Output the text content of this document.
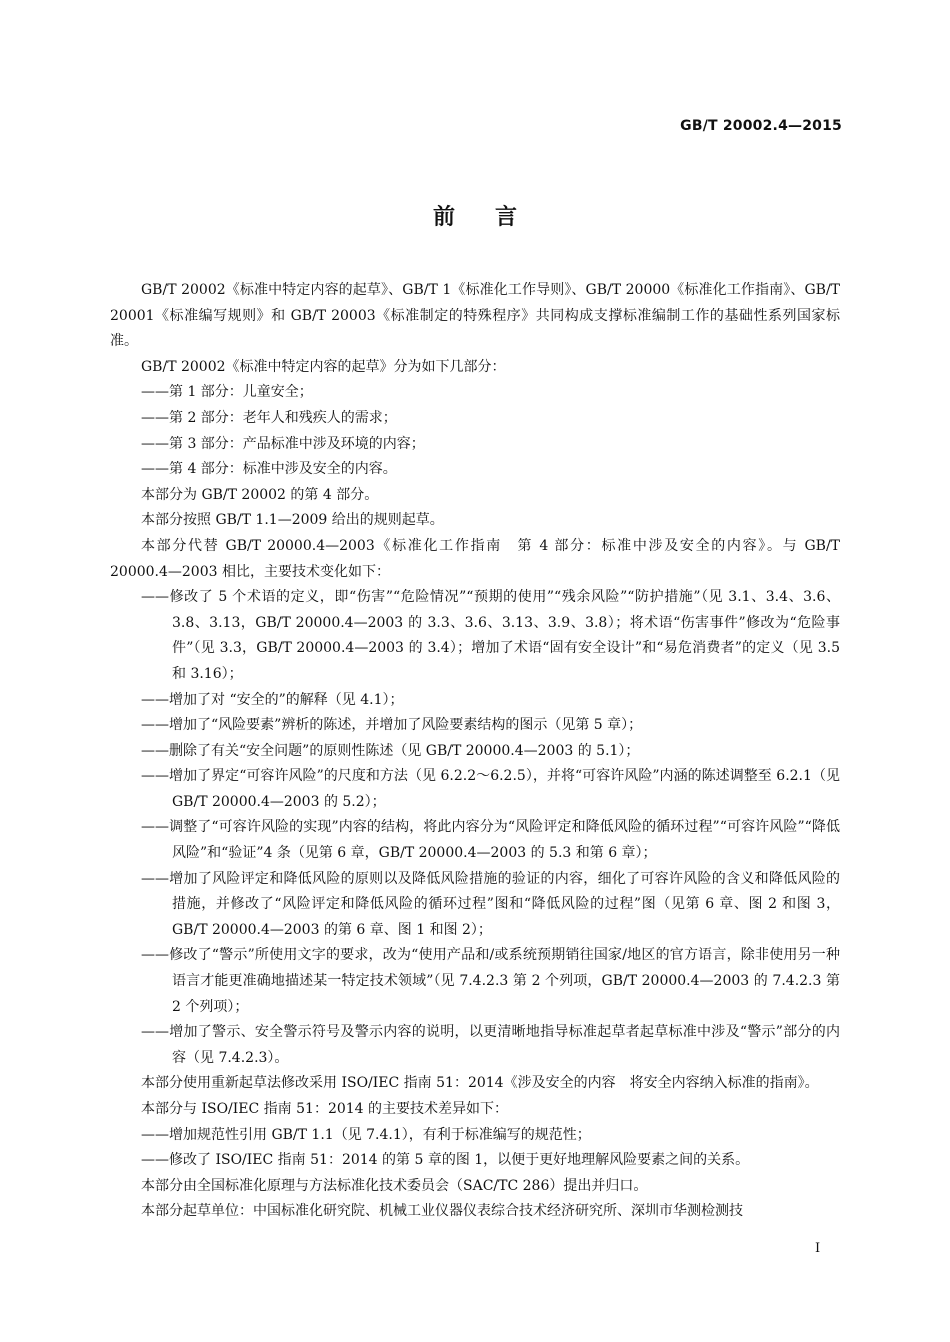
GB/T 20002.4—2015
前言

GB/T 20002《标准中特定内容的起草》、GB/T 1《标准化工作导则》、GB/T 20000《标准化工作指南》、GB/T 20001《标准编写规则》和 GB/T 20003《标准制定的特殊程序》共同构成支撑标准编制工作的基础性系列国家标准。

GB/T 20002《标准中特定内容的起草》分为如下几部分：

——第 1 部分：儿童安全；

——第 2 部分：老年人和残疾人的需求；

——第 3 部分：产品标准中涉及环境的内容；

——第 4 部分：标准中涉及安全的内容。

本部分为 GB/T 20002 的第 4 部分。

本部分按照 GB/T 1.1—2009 给出的规则起草。

本部分代替 GB/T 20000.4—2003《标准化工作指南　第 4 部分：标准中涉及安全的内容》。与 GB/T 20000.4—2003 相比，主要技术变化如下：

——修改了 5 个术语的定义，即“伤害”“危险情况”“预期的使用”“残余风险”“防护措施”（见 3.1、3.4、3.6、3.8、3.13，GB/T 20000.4—2003 的 3.3、3.6、3.13、3.9、3.8）；将术语“伤害事件”修改为“危险事件”（见 3.3，GB/T 20000.4—2003 的 3.4）；增加了术语“固有安全设计”和“易危消费者”的定义（见 3.5 和 3.16）；

——增加了对 “安全的”的解释（见 4.1）；

——增加了“风险要素”辨析的陈述，并增加了风险要素结构的图示（见第 5 章）；

——删除了有关“安全问题”的原则性陈述（见 GB/T 20000.4—2003 的 5.1）；

——增加了界定“可容许风险”的尺度和方法（见 6.2.2～6.2.5），并将“可容许风险”内涵的陈述调整至 6.2.1（见 GB/T 20000.4—2003 的 5.2）；

——调整了“可容许风险的实现”内容的结构，将此内容分为“风险评定和降低风险的循环过程”“可容许风险”“降低风险”和“验证”4 条（见第 6 章，GB/T 20000.4—2003 的 5.3 和第 6 章）；

——增加了风险评定和降低风险的原则以及降低风险措施的验证的内容，细化了可容许风险的含义和降低风险的措施，并修改了“风险评定和降低风险的循环过程”图和“降低风险的过程”图（见第 6 章、图 2 和图 3，GB/T 20000.4—2003 的第 6 章、图 1 和图 2）；

——修改了“警示”所使用文字的要求，改为“使用产品和/或系统预期销往国家/地区的官方语言，除非使用另一种语言才能更准确地描述某一特定技术领域”（见 7.4.2.3 第 2 个列项，GB/T 20000.4—2003 的 7.4.2.3 第 2 个列项）；

——增加了警示、安全警示符号及警示内容的说明，以更清晰地指导标准起草者起草标准中涉及“警示”部分的内容（见 7.4.2.3）。

本部分使用重新起草法修改采用 ISO/IEC 指南 51：2014《涉及安全的内容　将安全内容纳入标准的指南》。

本部分与 ISO/IEC 指南 51：2014 的主要技术差异如下：

——增加规范性引用 GB/T 1.1（见 7.4.1），有利于标准编写的规范性；

——修改了 ISO/IEC 指南 51：2014 的第 5 章的图 1，以便于更好地理解风险要素之间的关系。

本部分由全国标准化原理与方法标准化技术委员会（SAC/TC 286）提出并归口。

本部分起草单位：中国标准化研究院、机械工业仪器仪表综合技术经济研究所、深圳市华测检测技

I
